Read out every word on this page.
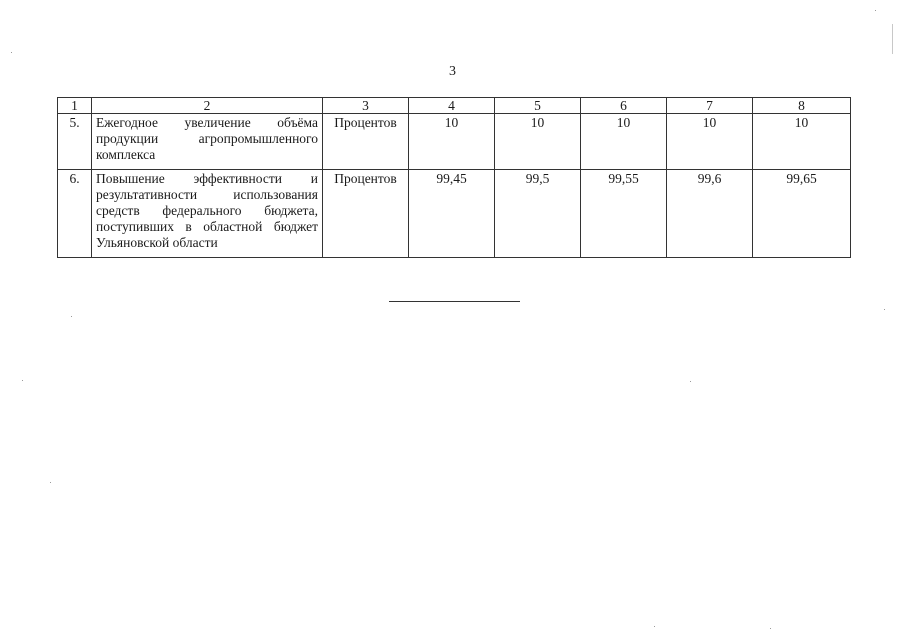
3
1	2	3	4	5	6	7	8
5.	Ежегодное увеличение объёма продукции агропромышленного комплекса	Процентов	10	10	10	10	10
6.	Повышение эффективности и результативности использования средств федерального бюджета, поступивших в областной бюджет Ульяновской области	Процентов	99,45	99,5	99,55	99,6	99,65
